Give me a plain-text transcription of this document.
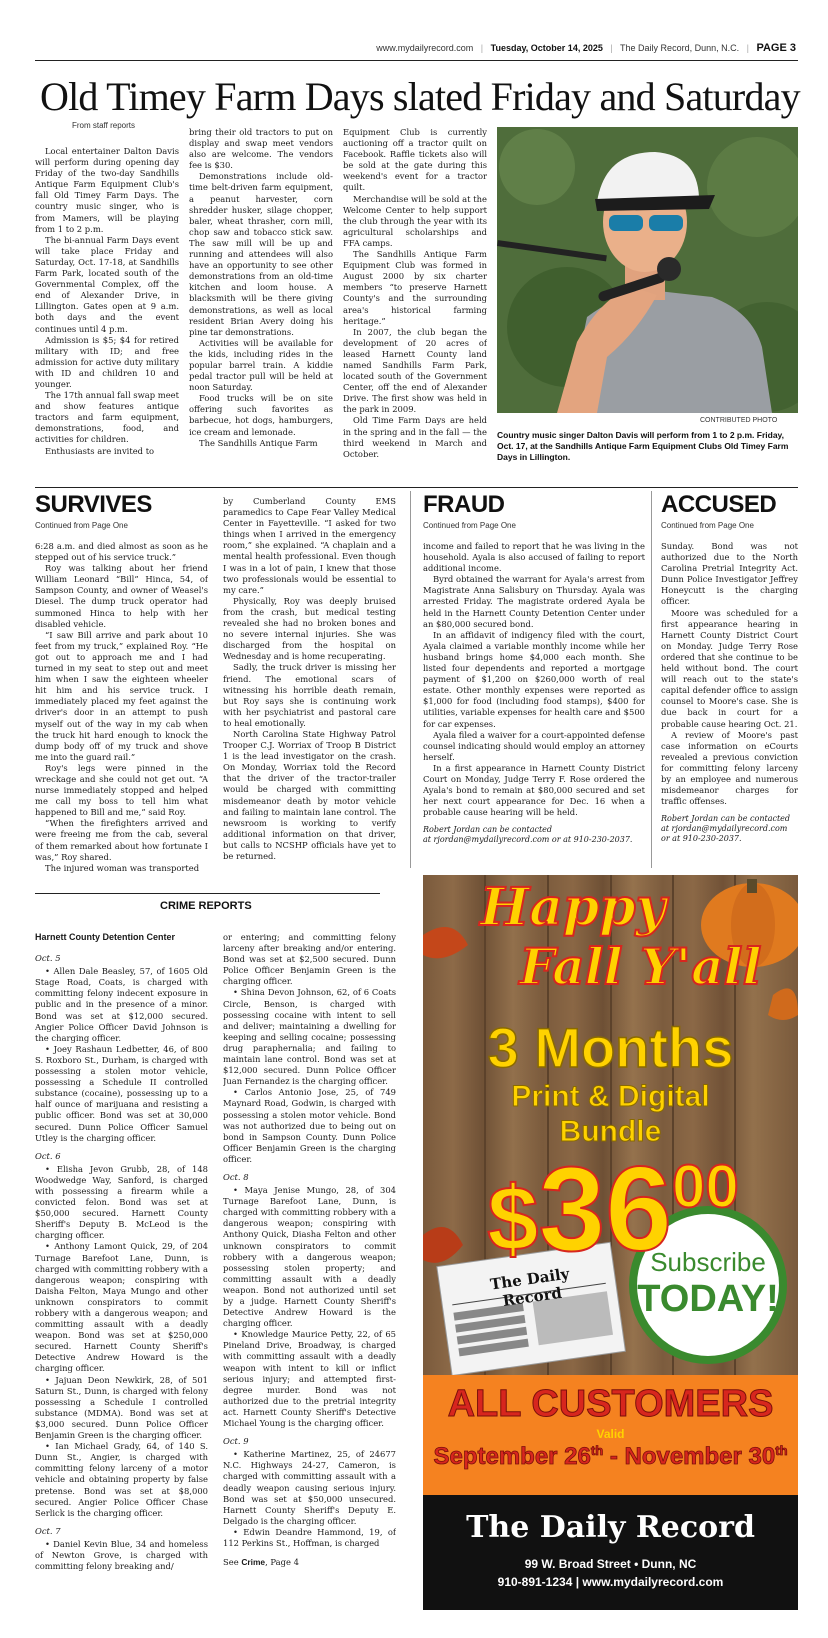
www.mydailyrecord.com | Tuesday, October 14, 2025 | The Daily Record, Dunn, N.C. | PAGE 3
Old Timey Farm Days slated Friday and Saturday
From staff reports

Local entertainer Dalton Davis will perform during opening day Friday of the two-day Sandhills Antique Farm Equipment Club's fall Old Timey Farm Days. The country music singer, who is from Mamers, will be playing from 1 to 2 p.m.

The bi-annual Farm Days event will take place Friday and Saturday, Oct. 17-18, at Sandhills Farm Park, located south of the Governmental Complex, off the end of Alexander Drive, in Lillington. Gates open at 9 a.m. both days and the event continues until 4 p.m.

Admission is $5; $4 for retired military with ID; and free admission for active duty military with ID and children 10 and younger.

The 17th annual fall swap meet and show features antique tractors and farm equipment, demonstrations, food, and activities for children.

Enthusiasts are invited to

bring their old tractors to put on display and swap meet vendors also are welcome. The vendors fee is $30.

Demonstrations include old-time belt-driven farm equipment, a peanut harvester, corn shredder husker, silage chopper, baler, wheat thrasher, corn mill, chop saw and tobacco stick saw. The saw mill will be up and running and attendees will also have an opportunity to see other demonstrations from an old-time kitchen and loom house. A blacksmith will be there giving demonstrations, as well as local resident Brian Avery doing his pine tar demonstrations.

Activities will be available for the kids, including rides in the popular barrel train. A kiddie pedal tractor pull will be held at noon Saturday.

Food trucks will be on site offering such favorites as barbecue, hot dogs, hamburgers, ice cream and lemonade.

The Sandhills Antique Farm

Equipment Club is currently auctioning off a tractor quilt on Facebook. Raffle tickets also will be sold at the gate during this weekend's event for a tractor quilt.

Merchandise will be sold at the Welcome Center to help support the club through the year with its agricultural scholarships and FFA camps.

The Sandhills Antique Farm Equipment Club was formed in August 2000 by six charter members “to preserve Harnett County's and the surrounding area's historical farming heritage.”

In 2007, the club began the development of 20 acres of leased Harnett County land named Sandhills Farm Park, located south of the Government Center, off the end of Alexander Drive. The first show was held in the park in 2009.

Old Time Farm Days are held in the spring and in the fall — the third weekend in March and October.

CONTRIBUTED PHOTO
Country music singer Dalton Davis will perform from 1 to 2 p.m. Friday, Oct. 17, at the Sandhills Antique Farm Equipment Clubs Old Timey Farm Days in Lillington.
SURVIVES
Continued from Page One

6:28 a.m. and died almost as soon as he stepped out of his service truck.”

Roy was talking about her friend William Leonard “Bill” Hinca, 54, of Sampson County, and owner of Weasel's Diesel. The dump truck operator had summoned Hinca to help with her disabled vehicle.

“I saw Bill arrive and park about 10 feet from my truck,” explained Roy. “He got out to approach me and I had turned in my seat to step out and meet him when I saw the eighteen wheeler hit him and his service truck. I immediately placed my feet against the driver's door in an attempt to push myself out of the way in my cab when the truck hit hard enough to knock the dump body off of my truck and shove me into the guard rail.”

Roy's legs were pinned in the wreckage and she could not get out. “A nurse immediately stopped and helped me call my boss to tell him what happened to Bill and me,” said Roy.

“When the firefighters arrived and were freeing me from the cab, several of them remarked about how fortunate I was,” Roy shared.

The injured woman was transported

by Cumberland County EMS paramedics to Cape Fear Valley Medical Center in Fayetteville. “I asked for two things when I arrived in the emergency room,” she explained. “A chaplain and a mental health professional. Even though I was in a lot of pain, I knew that those two professionals would be essential to my care.”

Physically, Roy was deeply bruised from the crash, but medical testing revealed she had no broken bones and no severe internal injuries. She was discharged from the hospital on Wednesday and is home recuperating.

Sadly, the truck driver is missing her friend. The emotional scars of witnessing his horrible death remain, but Roy says she is continuing work with her psychiatrist and pastoral care to heal emotionally.

North Carolina State Highway Patrol Trooper C.J. Worriax of Troop B District 1 is the lead investigator on the crash. On Monday, Worriax told the Record that the driver of the tractor-trailer would be charged with committing misdemeanor death by motor vehicle and failing to maintain lane control. The newsroom is working to verify additional information on that driver, but calls to NCSHP officials have yet to be returned.

FRAUD
Continued from Page One

income and failed to report that he was living in the household. Ayala is also accused of failing to report additional income.

Byrd obtained the warrant for Ayala's arrest from Magistrate Anna Salisbury on Thursday. Ayala was arrested Friday. The magistrate ordered Ayala be held in the Harnett County Detention Center under an $80,000 secured bond.

In an affidavit of indigency filed with the court, Ayala claimed a variable monthly income while her husband brings home $4,000 each month. She listed four dependents and reported a mortgage payment of $1,200 on $260,000 worth of real estate. Other monthly expenses were reported as $1,000 for food (including food stamps), $400 for utilities, variable expenses for health care and $500 for car expenses.

Ayala filed a waiver for a court-appointed defense counsel indicating should would employ an attorney herself.

In a first appearance in Harnett County District Court on Monday, Judge Terry F. Rose ordered the Ayala's bond to remain at $80,000 secured and set her next court appearance for Dec. 16 when a probable cause hearing will be held.

Robert Jordan can be contacted

at rjordan@mydailyrecord.com or at 910-230-2037.

ACCUSED
Continued from Page One

Sunday. Bond was not authorized due to the North Carolina Pretrial Integrity Act. Dunn Police Investigator Jeffrey Honeycutt is the charging officer.

Moore was scheduled for a first appearance hearing in Harnett County District Court on Monday. Judge Terry Rose ordered that she continue to be held without bond. The court will reach out to the state's capital defender office to assign counsel to Moore's case. She is due back in court for a probable cause hearing Oct. 21.

A review of Moore's past case information on eCourts revealed a previous conviction for committing felony larceny by an employee and numerous misdemeanor charges for traffic offenses.

Robert Jordan can be contacted

at rjordan@mydailyrecord.com

or at 910-230-2037.

CRIME REPORTS

Harnett County Detention Center

Oct. 5

• Allen Dale Beasley, 57, of 1605 Old Stage Road, Coats, is charged with committing felony indecent exposure in public and in the presence of a minor. Bond was set at $12,000 secured. Angier Police Officer David Johnson is the charging officer.

• Joey Rashaun Ledbetter, 46, of 800 S. Roxboro St., Durham, is charged with possessing a stolen motor vehicle, possessing a Schedule II controlled substance (cocaine), possessing up to a half ounce of marijuana and resisting a public officer. Bond was set at 30,000 secured. Dunn Police Officer Samuel Utley is the charging officer.

Oct. 6

• Elisha Jevon Grubb, 28, of 148 Woodwedge Way, Sanford, is charged with possessing a firearm while a convicted felon. Bond was set at $50,000 secured. Harnett County Sheriff's Deputy B. McLeod is the charging officer.

• Anthony Lamont Quick, 29, of 204 Turnage Barefoot Lane, Dunn, is charged with committing robbery with a dangerous weapon; conspiring with Daisha Felton, Maya Mungo and other unknown conspirators to commit robbery with a dangerous weapon; and committing assault with a deadly weapon. Bond was set at $250,000 secured. Harnett County Sheriff's Detective Andrew Howard is the charging officer.

• Jajuan Deon Newkirk, 28, of 501 Saturn St., Dunn, is charged with felony possessing a Schedule I controlled substance (MDMA). Bond was set at $3,000 secured. Dunn Police Officer Benjamin Green is the charging officer.

• Ian Michael Grady, 64, of 140 S. Dunn St., Angier, is charged with committing felony larceny of a motor vehicle and obtaining property by false pretense. Bond was set at $8,000 secured. Angier Police Officer Chase Serlick is the charging officer.

Oct. 7

• Daniel Kevin Blue, 34 and homeless of Newton Grove, is charged with committing felony breaking and/

or entering; and committing felony larceny after breaking and/or entering. Bond was set at $2,500 secured. Dunn Police Officer Benjamin Green is the charging officer.

• Shina Devon Johnson, 62, of 6 Coats Circle, Benson, is charged with possessing cocaine with intent to sell and deliver; maintaining a dwelling for keeping and selling cocaine; possessing drug paraphernalia; and failing to maintain lane control. Bond was set at $12,000 secured. Dunn Police Officer Juan Fernandez is the charging officer.

• Carlos Antonio Jose, 25, of 749 Maynard Road, Godwin, is charged with possessing a stolen motor vehicle. Bond was not authorized due to being out on bond in Sampson County. Dunn Police Officer Benjamin Green is the charging officer.

Oct. 8

• Maya Jenise Mungo, 28, of 304 Turnage Barefoot Lane, Dunn, is charged with committing robbery with a dangerous weapon; conspiring with Anthony Quick, Diasha Felton and other unknown conspirators to commit robbery with a dangerous weapon; possessing stolen property; and committing assault with a deadly weapon. Bond not authorized until set by a judge. Harnett County Sheriff's Detective Andrew Howard is the charging officer.

• Knowledge Maurice Petty, 22, of 65 Pineland Drive, Broadway, is charged with committing assault with a deadly weapon with intent to kill or inflict serious injury; and attempted first-degree murder. Bond was not authorized due to the pretrial integrity act. Harnett County Sheriff's Detective Michael Young is the charging officer.

Oct. 9

• Katherine Martinez, 25, of 24677 N.C. Highways 24-27, Cameron, is charged with committing assault with a deadly weapon causing serious injury. Bond was set at $50,000 unsecured. Harnett County Sheriff's Deputy E. Delgado is the charging officer.

• Edwin Deandre Hammond, 19, of 112 Perkins St., Hoffman, is charged

See Crime, Page 4

Happy
Fall Y'all
3 Months
Print & Digital
Bundle
$3600
The Daily Record
Subscribe
TODAY!
ALL CUSTOMERS
Valid
September 26th - November 30th
The Daily Record
99 W. Broad Street • Dunn, NC
910-891-1234 | www.mydailyrecord.com
